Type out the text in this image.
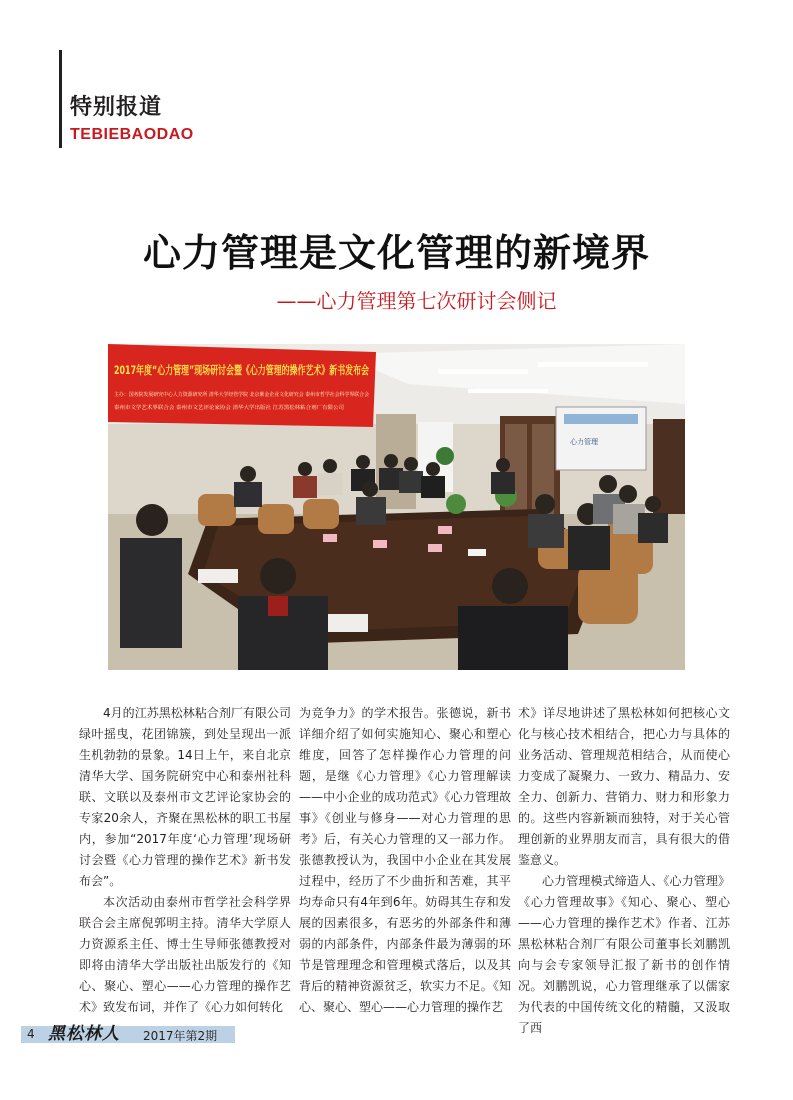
特别报道
TEBIEBAODAO
心力管理是文化管理的新境界
——心力管理第七次研讨会侧记
2017年度“心力管理”现场研讨会暨《心力管理的操作艺术》新书发布会
主办：国务院发展研究中心人力资源研究所 清华大学经管学院 北京紫金企业文化研究会 泰州市哲学社会科学界联合会
泰州市文学艺术界联合会 泰州市文艺评论家协会 清华大学出版社 江苏黑松林粘合剂厂有限公司
心力管理

4月的江苏黑松林粘合剂厂有限公司绿叶摇曳，花团锦簇，到处呈现出一派生机勃勃的景象。14日上午，来自北京清华大学、国务院研究中心和泰州社科联、文联以及泰州市文艺评论家协会的专家20余人，齐聚在黑松林的职工书屋内，参加“2017年度‘心力管理’现场研讨会暨《心力管理的操作艺术》新书发布会”。

本次活动由泰州市哲学社会科学界联合会主席倪郭明主持。清华大学原人力资源系主任、博士生导师张德教授对即将由清华大学出版社出版发行的《知心、聚心、塑心——心力管理的操作艺术》致发布词，并作了《心力如何转化

为竞争力》的学术报告。张德说，新书详细介绍了如何实施知心、聚心和塑心维度，回答了怎样操作心力管理的问题，是继《心力管理》《心力管理解读——中小企业的成功范式》《心力管理故事》《创业与修身——对心力管理的思考》后，有关心力管理的又一部力作。张德教授认为，我国中小企业在其发展过程中，经历了不少曲折和苦难，其平均寿命只有4年到6年。妨碍其生存和发展的因素很多，有恶劣的外部条件和薄弱的内部条件，内部条件最为薄弱的环节是管理理念和管理模式落后，以及其背后的精神资源贫乏，软实力不足。《知心、聚心、塑心——心力管理的操作艺

术》详尽地讲述了黑松林如何把核心文化与核心技术相结合，把心力与具体的业务活动、管理规范相结合，从而使心力变成了凝聚力、一致力、精品力、安全力、创新力、营销力、财力和形象力的。这些内容新颖而独特，对于关心管理创新的业界朋友而言，具有很大的借鉴意义。

心力管理模式缔造人、《心力管理》《心力管理故事》《知心、聚心、塑心——心力管理的操作艺术》作者、江苏黑松林粘合剂厂有限公司董事长刘鹏凯向与会专家领导汇报了新书的创作情况。刘鹏凯说，心力管理继承了以儒家为代表的中国传统文化的精髓，又汲取了西

4 黑松林人 2017年第2期
